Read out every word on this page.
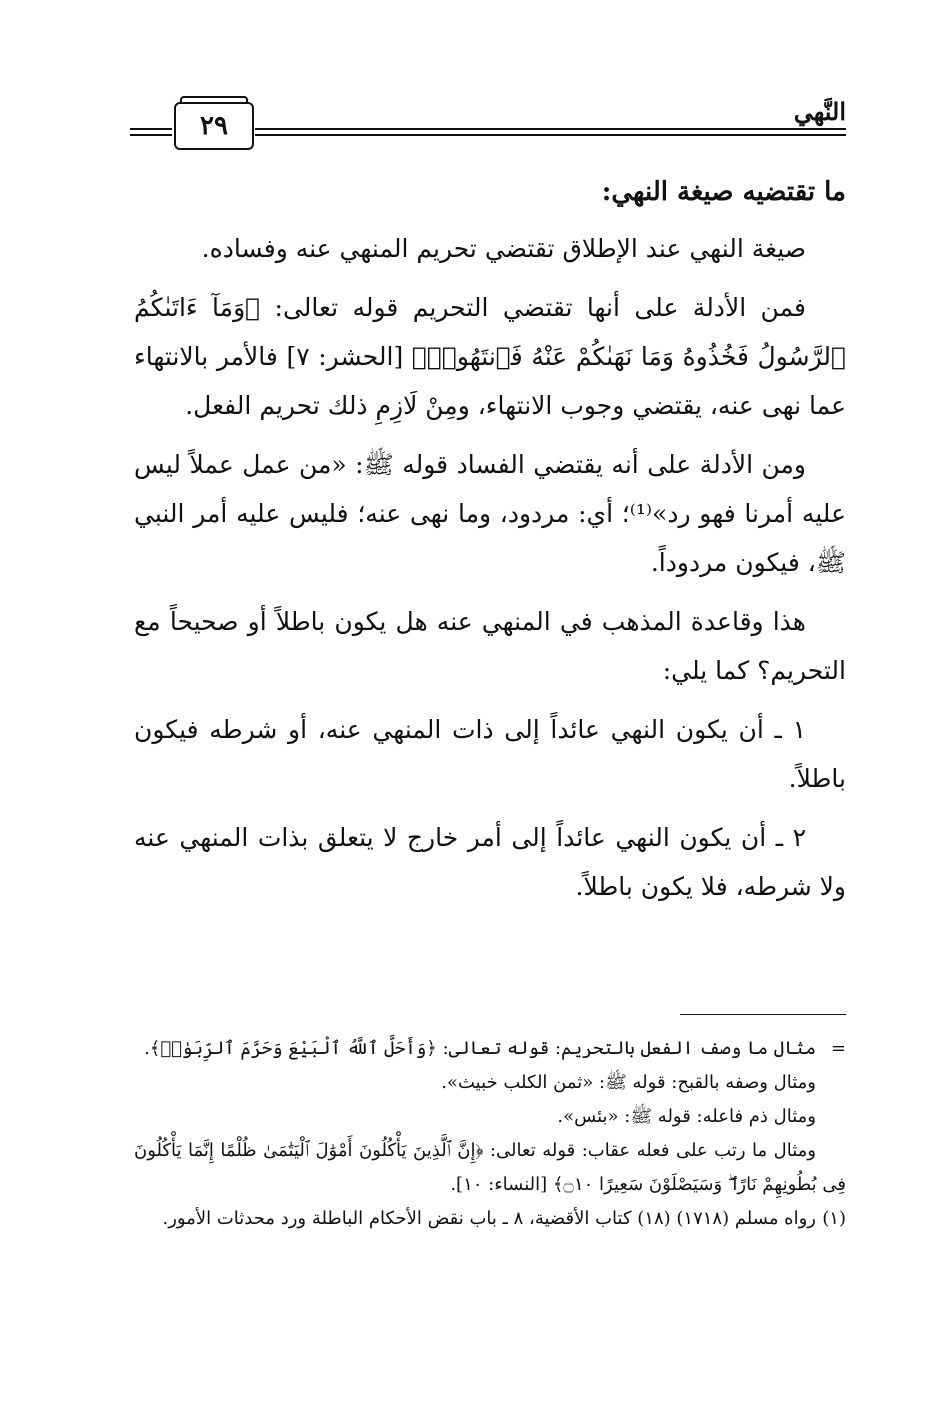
النَّهي
٢٩
ما تقتضيه صيغة النهي:

صيغة النهي عند الإطلاق تقتضي تحريم المنهي عنه وفساده.

فمن الأدلة على أنها تقتضي التحريم قوله تعالى: ﴿وَمَآ ءَاتَىٰكُمُ ٱلرَّسُولُ فَخُذُوهُ وَمَا نَهَىٰكُمْ عَنْهُ فَٱنتَهُوا۟﴾ [الحشر: ٧] فالأمر بالانتهاء عما نهى عنه، يقتضي وجوب الانتهاء، ومِنْ لَازِمِ ذلك تحريم الفعل.

ومن الأدلة على أنه يقتضي الفساد قوله ﷺ: «من عمل عملاً ليس عليه أمرنا فهو رد»⁽¹⁾؛ أي: مردود، وما نهى عنه؛ فليس عليه أمر النبي ﷺ، فيكون مردوداً.

هذا وقاعدة المذهب في المنهي عنه هل يكون باطلاً أو صحيحاً مع التحريم؟ كما يلي:

١ ـ أن يكون النهي عائداً إلى ذات المنهي عنه، أو شرطه فيكون باطلاً.

٢ ـ أن يكون النهي عائداً إلى أمر خارج لا يتعلق بذات المنهي عنه ولا شرطه، فلا يكون باطلاً.

=
مثال ما وصف الفعل بالتحريم: قوله تعالى: ﴿وَأَحَلَّ ٱللَّهُ ٱلْبَيْعَ وَحَرَّمَ ٱلرِّبَوٰا۟﴾.
ومثال وصفه بالقبح: قوله ﷺ: «ثمن الكلب خبيث».
ومثال ذم فاعله: قوله ﷺ: «بئس».
ومثال ما رتب على فعله عقاب: قوله تعالى: ﴿إِنَّ ٱلَّذِينَ يَأْكُلُونَ أَمْوَٰلَ ٱلْيَتَٰمَىٰ ظُلْمًا إِنَّمَا يَأْكُلُونَ فِى بُطُونِهِمْ نَارًا ۖ وَسَيَصْلَوْنَ سَعِيرًا ۝١٠﴾ [النساء: ١٠].
(١)
رواه مسلم (١٧١٨) (١٨) كتاب الأقضية، ٨ ـ باب نقض الأحكام الباطلة ورد محدثات الأمور.
